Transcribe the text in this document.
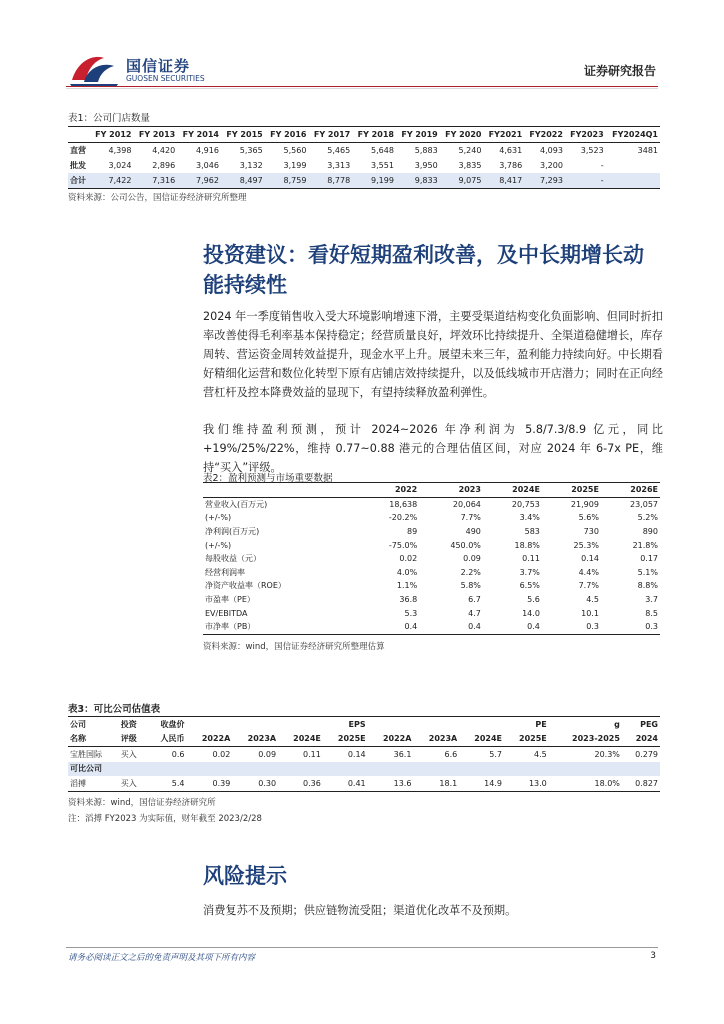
国信证券
GUOSEN SECURITIES
证券研究报告
表1：公司门店数量
	FY 2012	FY 2013	FY 2014	FY 2015	FY 2016	FY 2017	FY 2018	FY 2019	FY 2020	FY2021	FY2022	FY2023	FY2024Q1
直营	4,398	4,420	4,916	5,365	5,560	5,465	5,648	5,883	5,240	4,631	4,093	3,523	3481
批发	3,024	2,896	3,046	3,132	3,199	3,313	3,551	3,950	3,835	3,786	3,200	-	
合计	7,422	7,316	7,962	8,497	8,759	8,778	9,199	9,833	9,075	8,417	7,293	-	
资料来源：公司公告，国信证券经济研究所整理
投资建议：看好短期盈利改善，及中长期增长动能持续性
2024 年一季度销售收入受大环境影响增速下滑，主要受渠道结构变化负面影响、但同时折扣率改善使得毛利率基本保持稳定；经营质量良好，坪效环比持续提升、全渠道稳健增长，库存周转、营运资金周转效益提升，现金水平上升。展望未来三年，盈利能力持续向好。中长期看好精细化运营和数位化转型下原有店铺店效持续提升，以及低线城市开店潜力；同时在正向经营杠杆及控本降费效益的显现下，有望持续释放盈利弹性。
我们维持盈利预测，预计 2024~2026 年净利润为 5.8/7.3/8.9 亿元，同比+19%/25%/22%，维持 0.77~0.88 港元的合理估值区间，对应 2024 年 6-7x PE，维持“买入”评级。
表2：盈利预测与市场重要数据
	2022	2023	2024E	2025E	2026E
营业收入(百万元)	18,638	20,064	20,753	21,909	23,057
(+/-%)	-20.2%	7.7%	3.4%	5.6%	5.2%
净利润(百万元)	89	490	583	730	890
(+/-%)	-75.0%	450.0%	18.8%	25.3%	21.8%
每股收益（元）	0.02	0.09	0.11	0.14	0.17
经营利润率	4.0%	2.2%	3.7%	4.4%	5.1%
净资产收益率（ROE）	1.1%	5.8%	6.5%	7.7%	8.8%
市盈率（PE）	36.8	6.7	5.6	4.5	3.7
EV/EBITDA	5.3	4.7	14.0	10.1	8.5
市净率（PB）	0.4	0.4	0.4	0.3	0.3
资料来源：wind，国信证券经济研究所整理估算
表3：可比公司估值表
公司	投资	收盘价	EPS				PE				g	PEG
名称	评级	人民币	2022A	2023A	2024E	2025E	2022A	2023A	2024E	2025E	2023-2025	2024
宝胜国际	买入	0.6	0.02	0.09	0.11	0.14	36.1	6.6	5.7	4.5	20.3%	0.279
可比公司												
滔搏	买入	5.4	0.39	0.30	0.36	0.41	13.6	18.1	14.9	13.0	18.0%	0.827
资料来源：wind，国信证券经济研究所
注：滔搏 FY2023 为实际值，财年截至 2023/2/28
风险提示
消费复苏不及预期；供应链物流受阻；渠道优化改革不及预期。
请务必阅读正文之后的免责声明及其项下所有内容	3
